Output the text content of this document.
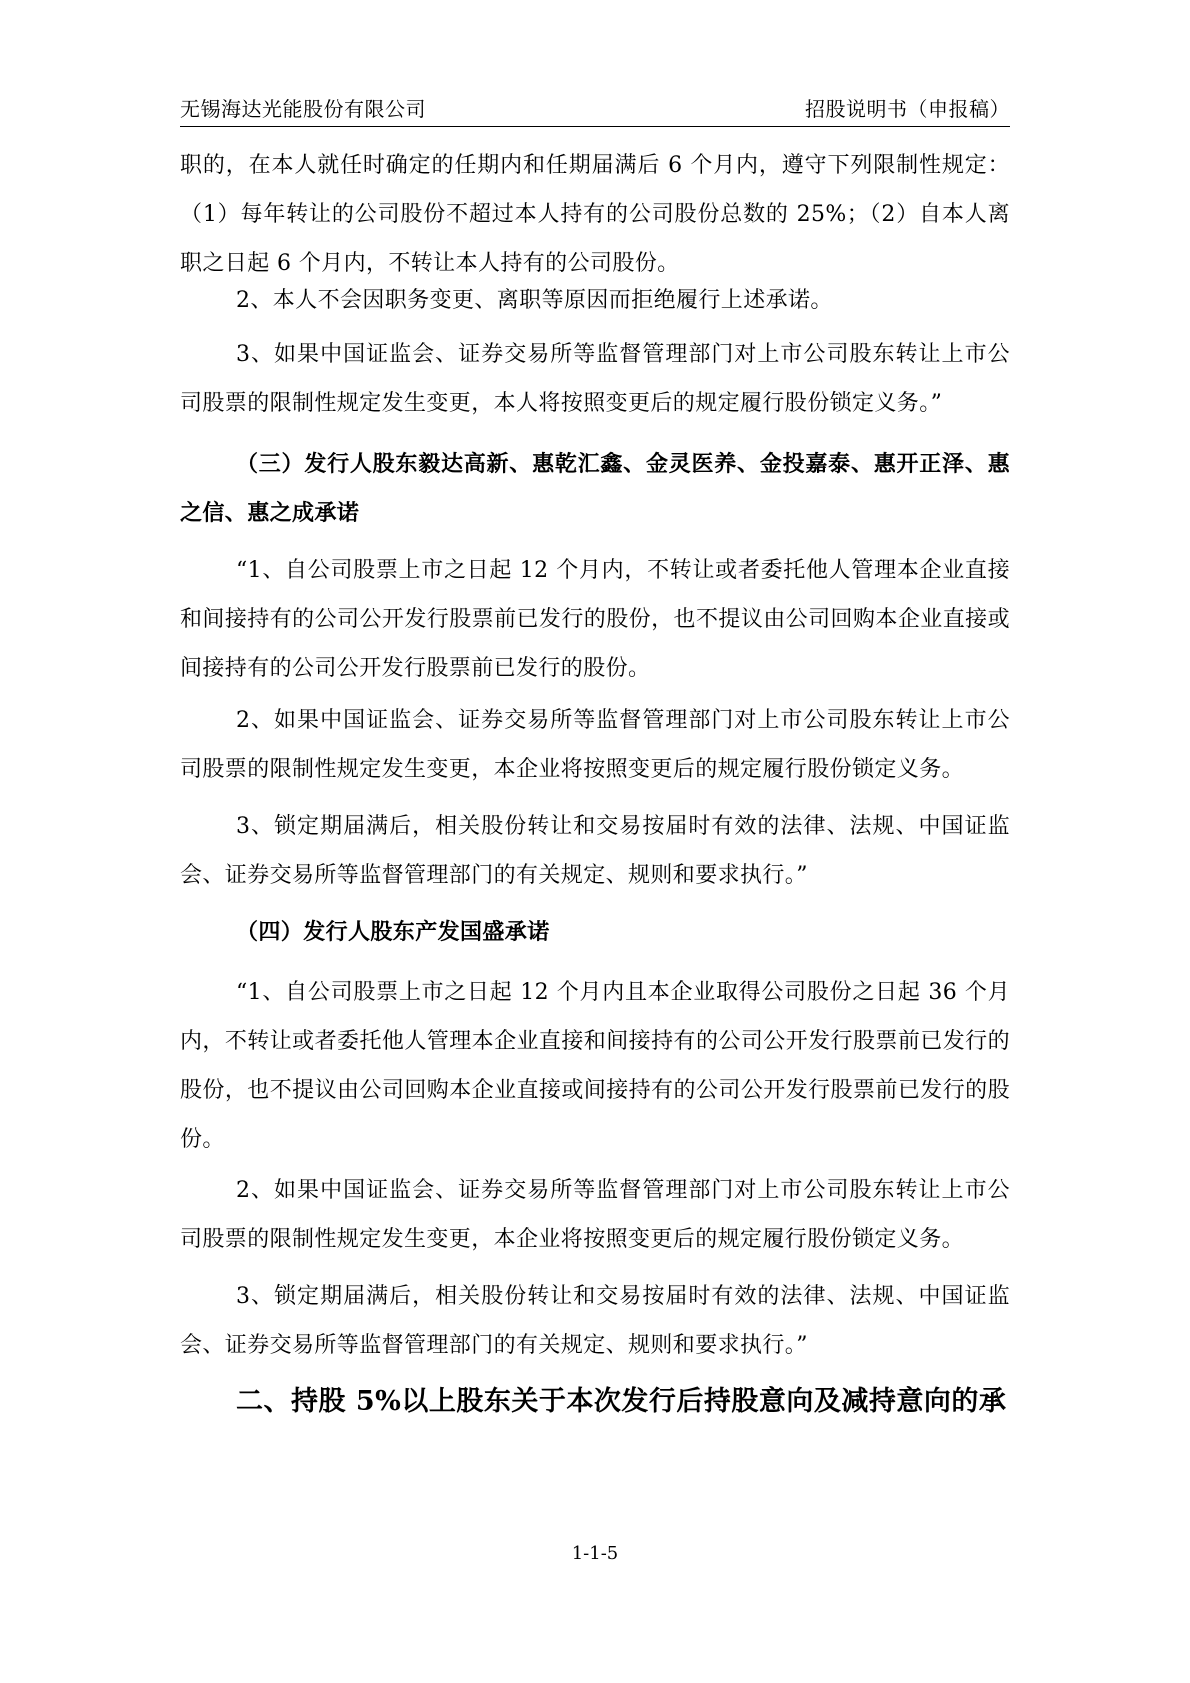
无锡海达光能股份有限公司	招股说明书（申报稿）
职的，在本人就任时确定的任期内和任期届满后 6 个月内，遵守下列限制性规定：（1）每年转让的公司股份不超过本人持有的公司股份总数的 25%；（2）自本人离职之日起 6 个月内，不转让本人持有的公司股份。
2、本人不会因职务变更、离职等原因而拒绝履行上述承诺。
3、如果中国证监会、证券交易所等监督管理部门对上市公司股东转让上市公司股票的限制性规定发生变更，本人将按照变更后的规定履行股份锁定义务。”
（三）发行人股东毅达高新、惠乾汇鑫、金灵医养、金投嘉泰、惠开正泽、惠之信、惠之成承诺
“1、自公司股票上市之日起 12 个月内，不转让或者委托他人管理本企业直接和间接持有的公司公开发行股票前已发行的股份，也不提议由公司回购本企业直接或间接持有的公司公开发行股票前已发行的股份。
2、如果中国证监会、证券交易所等监督管理部门对上市公司股东转让上市公司股票的限制性规定发生变更，本企业将按照变更后的规定履行股份锁定义务。
3、锁定期届满后，相关股份转让和交易按届时有效的法律、法规、中国证监会、证券交易所等监督管理部门的有关规定、规则和要求执行。”
（四）发行人股东产发国盛承诺
“1、自公司股票上市之日起 12 个月内且本企业取得公司股份之日起 36 个月内，不转让或者委托他人管理本企业直接和间接持有的公司公开发行股票前已发行的股份，也不提议由公司回购本企业直接或间接持有的公司公开发行股票前已发行的股份。
2、如果中国证监会、证券交易所等监督管理部门对上市公司股东转让上市公司股票的限制性规定发生变更，本企业将按照变更后的规定履行股份锁定义务。
3、锁定期届满后，相关股份转让和交易按届时有效的法律、法规、中国证监会、证券交易所等监督管理部门的有关规定、规则和要求执行。”
二、持股 5%以上股东关于本次发行后持股意向及减持意向的承
1-1-5
